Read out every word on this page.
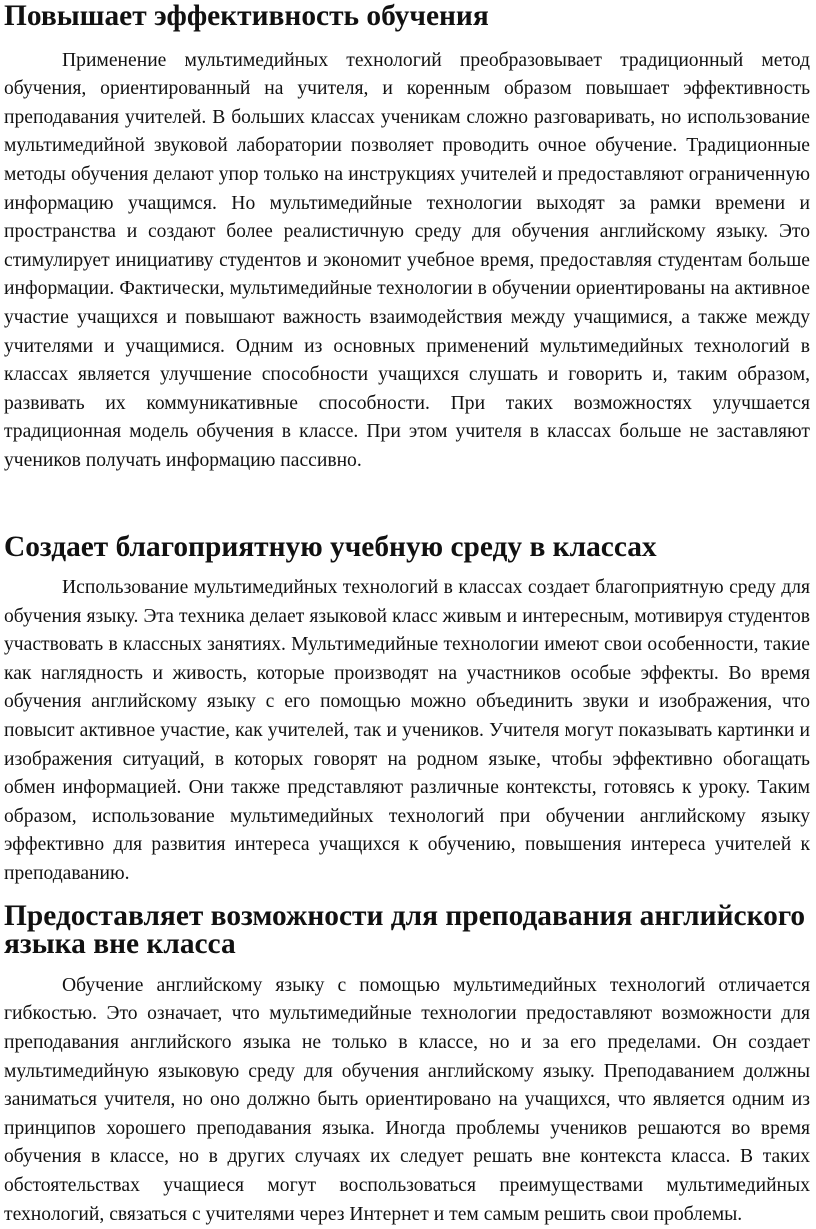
Повышает эффективность обучения

Применение мультимедийных технологий преобразовывает традиционный метод обучения, ориентированный на учителя, и коренным образом повышает эффективность преподавания учителей. В больших классах ученикам сложно разговаривать, но использование мультимедийной звуковой лаборатории позволяет проводить очное обучение. Традиционные методы обучения делают упор только на инструкциях учителей и предоставляют ограниченную информацию учащимся. Но мультимедийные технологии выходят за рамки времени и пространства и создают более реалистичную среду для обучения английскому языку. Это стимулирует инициативу студентов и экономит учебное время, предоставляя студентам больше информации. Фактически, мультимедийные технологии в обучении ориентированы на активное участие учащихся и повышают важность взаимодействия между учащимися, а также между учителями и учащимися. Одним из основных применений мультимедийных технологий в классах является улучшение способности учащихся слушать и говорить и, таким образом, развивать их коммуникативные способности. При таких возможностях улучшается традиционная модель обучения в классе. При этом учителя в классах больше не заставляют учеников получать информацию пассивно.

Создает благоприятную учебную среду в классах

Использование мультимедийных технологий в классах создает благоприятную среду для обучения языку. Эта техника делает языковой класс живым и интересным, мотивируя студентов участвовать в классных занятиях. Мультимедийные технологии имеют свои особенности, такие как наглядность и живость, которые производят на участников особые эффекты. Во время обучения английскому языку с его помощью можно объединить звуки и изображения, что повысит активное участие, как учителей, так и учеников. Учителя могут показывать картинки и изображения ситуаций, в которых говорят на родном языке, чтобы эффективно обогащать обмен информацией. Они также представляют различные контексты, готовясь к уроку. Таким образом, использование мультимедийных технологий при обучении английскому языку эффективно для развития интереса учащихся к обучению, повышения интереса учителей к преподаванию.

Предоставляет возможности для преподавания английского языка вне класса

Обучение английскому языку с помощью мультимедийных технологий отличается гибкостью. Это означает, что мультимедийные технологии предоставляют возможности для преподавания английского языка не только в классе, но и за его пределами. Он создает мультимедийную языковую среду для обучения английскому языку. Преподаванием должны заниматься учителя, но оно должно быть ориентировано на учащихся, что является одним из принципов хорошего преподавания языка. Иногда проблемы учеников решаются во время обучения в классе, но в других случаях их следует решать вне контекста класса. В таких обстоятельствах учащиеся могут воспользоваться преимуществами мультимедийных технологий, связаться с учителями через Интернет и тем самым решить свои проблемы.
